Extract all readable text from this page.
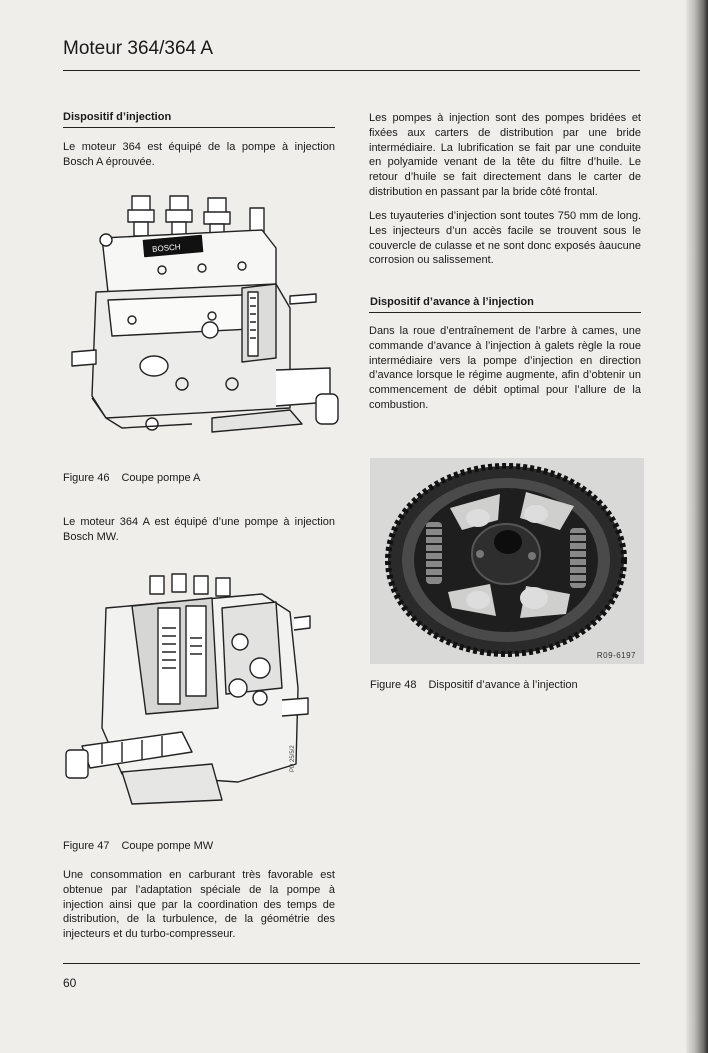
Moteur 364/364 A
Dispositif d’injection
Le moteur 364 est équipé de la pompe à injection Bosch A éprouvée.
BOSCH
Figure 46 Coupe pompe A
Le moteur 364 A est équipé d’une pompe à injection Bosch MW.
PD 25/5/2
Figure 47 Coupe pompe MW
Une consommation en carburant très favorable est obtenue par l’adaptation spéciale de la pompe à injection ainsi que par la coordination des temps de distribution, de la turbulence, de la géométrie des injecteurs et du turbo-compresseur.
Les pompes à injection sont des pompes bridées et fixées aux carters de distribution par une bride intermédiaire. La lubrification se fait par une conduite en polyamide venant de la tête du filtre d’huile. Le retour d’huile se fait directement dans le carter de distribution en passant par la bride côté frontal.
Les tuyauteries d’injection sont toutes 750 mm de long. Les injecteurs d’un accès facile se trouvent sous le couvercle de culasse et ne sont donc exposés àaucune corrosion ou salissement.
Dispositif d’avance à l’injection
Dans la roue d’entraînement de l’arbre à cames, une commande d’avance à l’injection à galets règle la roue intermédiaire vers la pompe d’injection en direction d’avance lorsque le régime augmente, afin d’obtenir un commencement de débit optimal pour l’allure de la combustion.
R09-6197
Figure 48 Dispositif d’avance à l’injection
60
